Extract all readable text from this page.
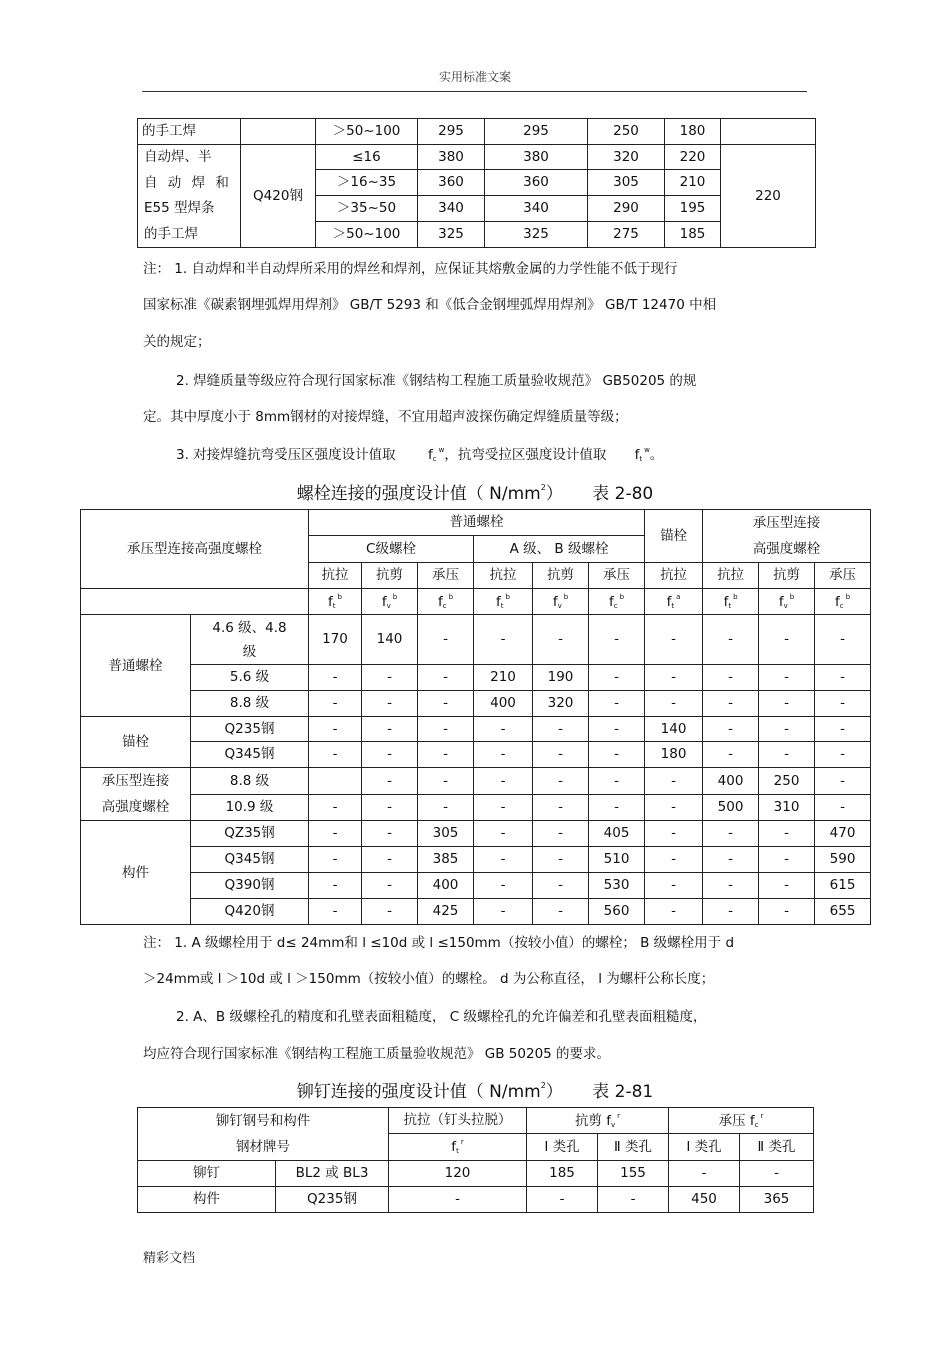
实用标准文案
的手工焊		＞50~100	295	295	250	180	

自动焊、半
自 动 焊 和
E55 型焊条
的手工焊	Q420钢	≤16	380	380	320	220	220
		＞16~35	360	360	305	210	
		＞35~50	340	340	290	195	
		＞50~100	325	325	275	185	
注： 1. 自动焊和半自动焊所采用的焊丝和焊剂，应保证其熔敷金属的力学性能不低于现行
国家标准《碳素钢埋弧焊用焊剂》 GB/T 5293 和《低合金钢埋弧焊用焊剂》 GB/T 12470 中相
关的规定；
2. 焊缝质量等级应符合现行国家标准《钢结构工程施工质量验收规范》 GB50205 的规
定。其中厚度小于 8mm钢材的对接焊缝，不宜用超声波探伤确定焊缝质量等级；
3. 对接焊缝抗弯受压区强度设计值取 $f_c^w$，抗弯受拉区强度设计值取 $f_t^w$。
螺栓连接的强度设计值（ $N/mm^2$） 表 2-80
承压型连接高强度螺栓		普通螺栓						锚栓	承压型连接
高强度螺栓		

		C级螺栓			A 级、 B 级螺栓						
		抗拉	抗剪	承压	抗拉	抗剪	承压	抗拉	抗拉	抗剪	承压
		$f_t^b$	$f_v^b$	$f_c^b$	$f_t^b$	$f_v^b$	$f_c^b$	$f_t^a$	$f_t^b$	$f_v^b$	$f_c^b$

普通螺栓	4.6 级、4.8 级	170	140	-	-	-	-	-	-	-	-
	5.6 级	-	-	-	210	190	-	-	-	-	-
	8.8 级	-	-	-	400	320	-	-	-	-	-

锚栓	Q235钢	-	-	-	-	-	-	140	-	-	-
	Q345钢	-	-	-	-	-	-	180	-	-	-

承压型连接
高强度螺栓	8.8 级		-	-	-	-	-	-	400	250	-
	10.9 级	-	-	-	-	-	-	-	500	310	-

构件	QZ35钢	-	-	305	-	-	405	-	-	-	470
	Q345钢	-	-	385	-	-	510	-	-	-	590
	Q390钢	-	-	400	-	-	530	-	-	-	615
	Q420钢	-	-	425	-	-	560	-	-	-	655
注： 1. A 级螺栓用于 d≤ 24mm和 l ≤10d 或 l ≤150mm（按较小值）的螺栓； B 级螺栓用于 d
＞24mm或 l ＞10d 或 l ＞150mm（按较小值）的螺栓。 d 为公称直径， l 为螺杆公称长度；
2. A、B 级螺栓孔的精度和孔壁表面粗糙度， C 级螺栓孔的允许偏差和孔壁表面粗糙度，
均应符合现行国家标准《钢结构工程施工质量验收规范》 GB 50205 的要求。
铆钉连接的强度设计值（ $N/mm^2$） 表 2-81
铆钉钢号和构件
钢材牌号		抗拉（钉头拉脱）	抗剪 $f_v^r$		承压 $f_c^r$
		$f_t^r$	Ⅰ 类孔	Ⅱ 类孔	Ⅰ 类孔	Ⅱ 类孔
铆钉	BL2 或 BL3	120	185	155	-	-
构件	Q235钢	-	-	-	450	365
精彩文档
